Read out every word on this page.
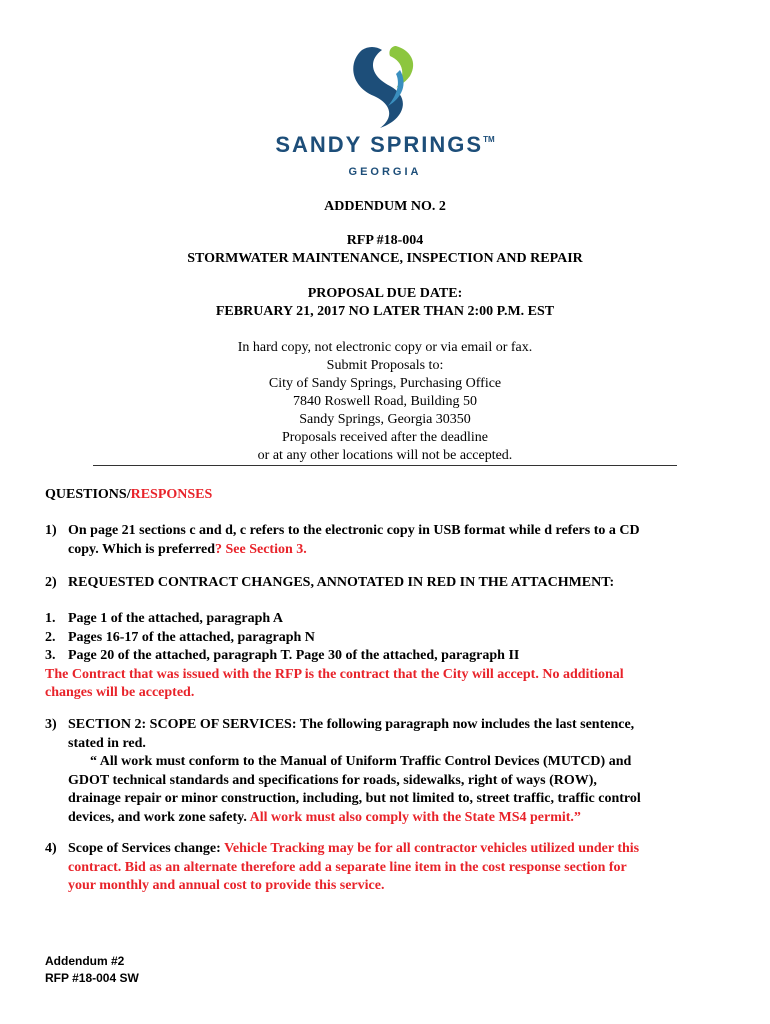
SANDY SPRINGS™
GEORGIA
ADDENDUM NO. 2
RFP #18-004
STORMWATER MAINTENANCE, INSPECTION AND REPAIR
PROPOSAL DUE DATE:
FEBRUARY 21, 2017 NO LATER THAN 2:00 P.M. EST
In hard copy, not electronic copy or via email or fax.
Submit Proposals to:
City of Sandy Springs, Purchasing Office
7840 Roswell Road, Building 50
Sandy Springs, Georgia 30350
Proposals received after the deadline
or at any other locations will not be accepted.
QUESTIONS/RESPONSES
1) On page 21 sections c and d, c refers to the electronic copy in USB format while d refers to a CD
copy. Which is preferred? See Section 3.
2) REQUESTED CONTRACT CHANGES, ANNOTATED IN RED IN THE ATTACHMENT:
1. Page 1 of the attached, paragraph A
2. Pages 16-17 of the attached, paragraph N
3. Page 20 of the attached, paragraph T. Page 30 of the attached, paragraph II
The Contract that was issued with the RFP is the contract that the City will accept. No additional
changes will be accepted.
3) SECTION 2: SCOPE OF SERVICES: The following paragraph now includes the last sentence,
stated in red.
“ All work must conform to the Manual of Uniform Traffic Control Devices (MUTCD) and
GDOT technical standards and specifications for roads, sidewalks, right of ways (ROW),
drainage repair or minor construction, including, but not limited to, street traffic, traffic control
devices, and work zone safety. All work must also comply with the State MS4 permit.”
4) Scope of Services change: Vehicle Tracking may be for all contractor vehicles utilized under this
contract. Bid as an alternate therefore add a separate line item in the cost response section for
your monthly and annual cost to provide this service.
Addendum #2
RFP #18-004 SW
